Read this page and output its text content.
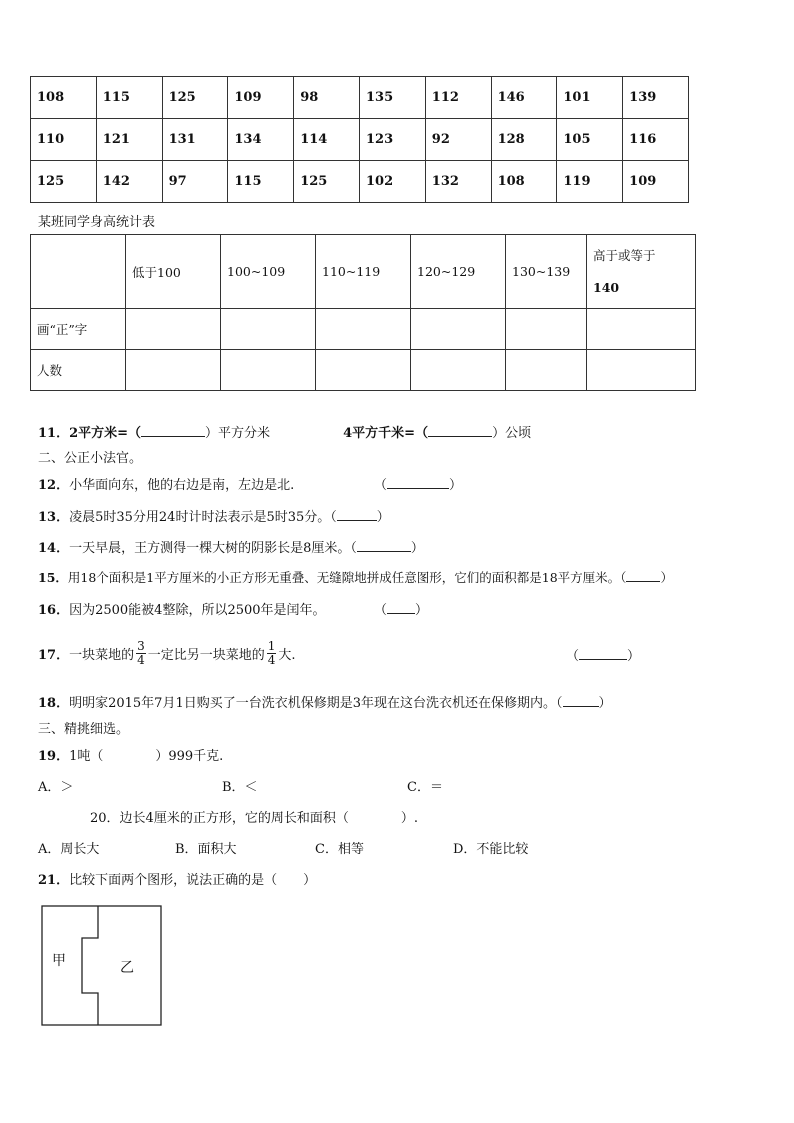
108	115	125	109	98	135	112	146	101	139
110	121	131	134	114	123	92	128	105	116
125	142	97	115	125	102	132	108	119	109
某班同学身高统计表
	低于100	100~109	110~119	120~129	130~139	高于或等于
140

画“正”字						
人数						
11．2平方米=（	）平方分米	4平方千米=（	）公顷
二、公正小法官。
12．小华面向东，他的右边是南，左边是北.	（	）
13．凌晨5时35分用24时计时法表示是5时35分。（	）
14．一天早晨，王方测得一棵大树的阴影长是8厘米。（	）
15．用18个面积是1平方厘米的小正方形无重叠、无缝隙地拼成任意图形，它们的面积都是18平方厘米。（	）
16．因为2500能被4整除，所以2500年是闰年。	（ ）
17． 一块菜地的 $\frac{3}{4}$ 一定比另一块菜地的 $\frac{1}{4}$ 大.	（	）
18．明明家2015年7月1日购买了一台洗衣机保修期是3年现在这台洗衣机还在保修期内。（	）
三、精挑细选。
19．1吨（　　　　）999千克.
A．＞	B．＜	C．＝
20．边长4厘米的正方形，它的周长和面积（　　　　）.
A．周长大	B．面积大	C．相等	D．不能比较
21．比较下面两个图形，说法正确的是（　　）
甲	乙
